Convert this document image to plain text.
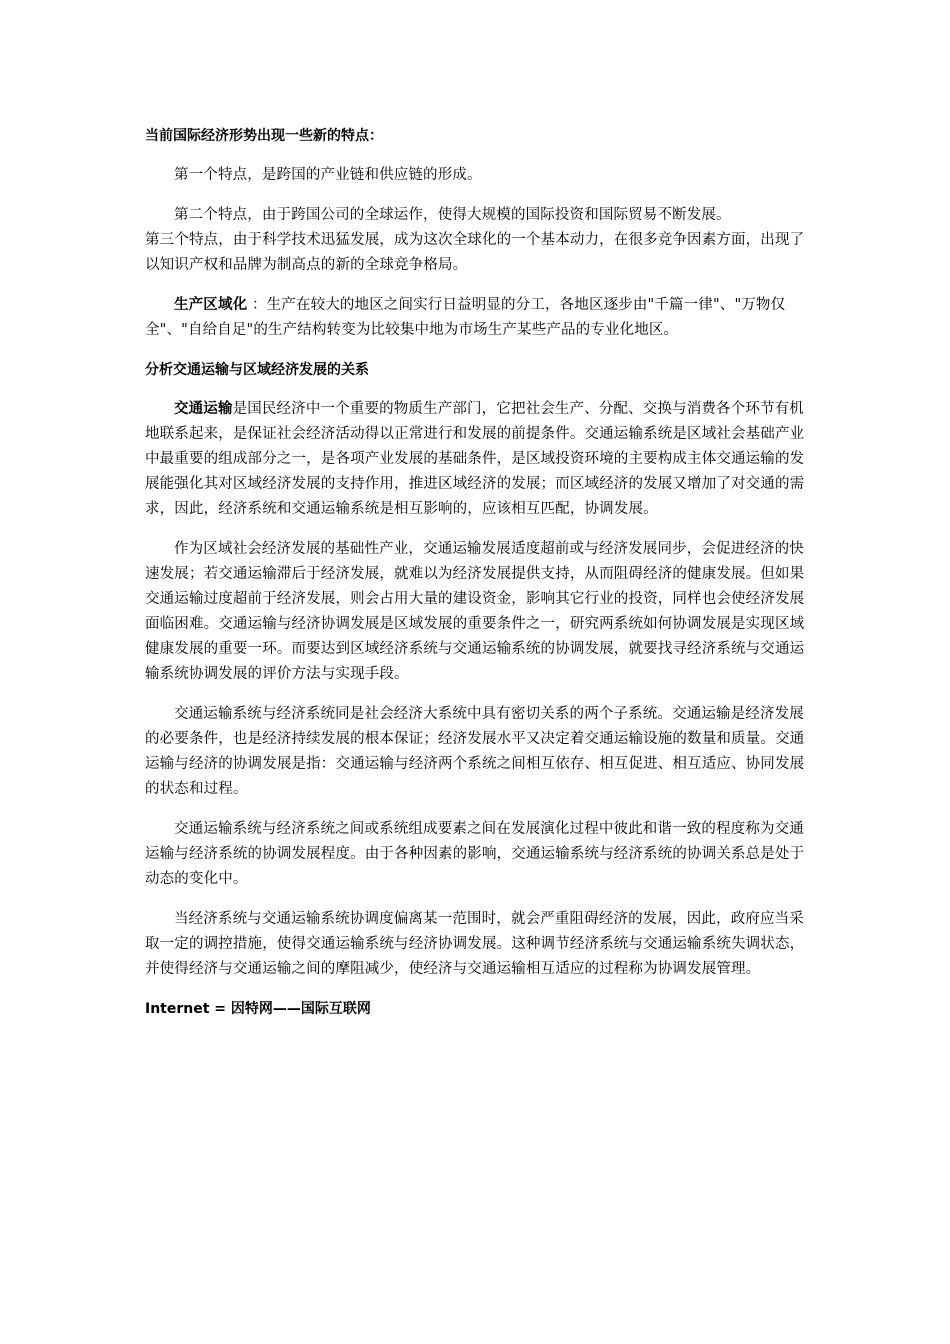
当前国际经济形势出现一些新的特点：

第一个特点，是跨国的产业链和供应链的形成。

第二个特点，由于跨国公司的全球运作，使得大规模的国际投资和国际贸易不断发展。

第三个特点，由于科学技术迅猛发展，成为这次全球化的一个基本动力，在很多竞争因素方面，出现了以知识产权和品牌为制高点的新的全球竞争格局。

生产区域化 ：生产在较大的地区之间实行日益明显的分工，各地区逐步由"千篇一律"、"万物仅全"、"自给自足"的生产结构转变为比较集中地为市场生产某些产品的专业化地区。

分析交通运输与区域经济发展的关系

交通运输是国民经济中一个重要的物质生产部门，它把社会生产、分配、交换与消费各个环节有机地联系起来，是保证社会经济活动得以正常进行和发展的前提条件。交通运输系统是区域社会基础产业中最重要的组成部分之一，是各项产业发展的基础条件，是区域投资环境的主要构成主体交通运输的发展能强化其对区域经济发展的支持作用，推进区域经济的发展；而区域经济的发展又增加了对交通的需求，因此，经济系统和交通运输系统是相互影响的，应该相互匹配，协调发展。

作为区域社会经济发展的基础性产业，交通运输发展适度超前或与经济发展同步，会促进经济的快速发展；若交通运输滞后于经济发展，就难以为经济发展提供支持，从而阻碍经济的健康发展。但如果交通运输过度超前于经济发展，则会占用大量的建设资金，影响其它行业的投资，同样也会使经济发展面临困难。交通运输与经济协调发展是区域发展的重要条件之一，研究两系统如何协调发展是实现区域健康发展的重要一环。而要达到区域经济系统与交通运输系统的协调发展，就要找寻经济系统与交通运输系统协调发展的评价方法与实现手段。

交通运输系统与经济系统同是社会经济大系统中具有密切关系的两个子系统。交通运输是经济发展的必要条件，也是经济持续发展的根本保证；经济发展水平又决定着交通运输设施的数量和质量。交通运输与经济的协调发展是指：交通运输与经济两个系统之间相互依存、相互促进、相互适应、协同发展的状态和过程。

交通运输系统与经济系统之间或系统组成要素之间在发展演化过程中彼此和谐一致的程度称为交通运输与经济系统的协调发展程度。由于各种因素的影响，交通运输系统与经济系统的协调关系总是处于动态的变化中。

当经济系统与交通运输系统协调度偏离某一范围时，就会严重阻碍经济的发展，因此，政府应当采取一定的调控措施，使得交通运输系统与经济协调发展。这种调节经济系统与交通运输系统失调状态，并使得经济与交通运输之间的摩阻减少，使经济与交通运输相互适应的过程称为协调发展管理。

Internet = 因特网——国际互联网
